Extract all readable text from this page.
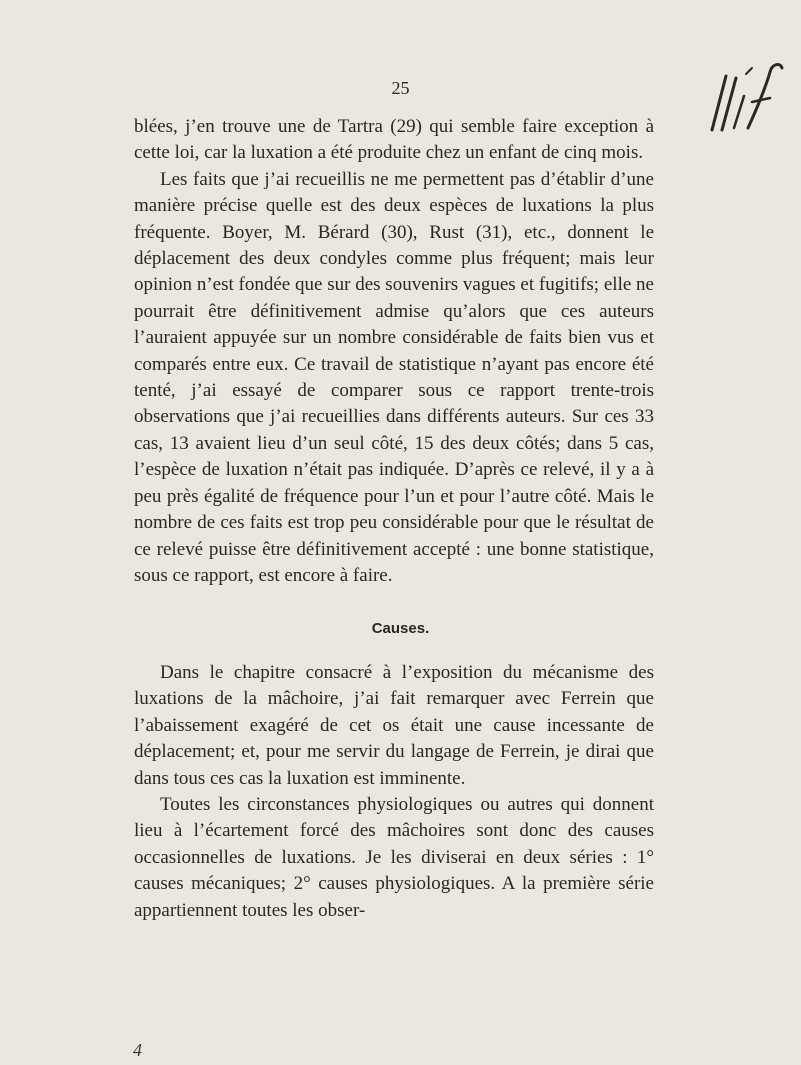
25

blées, j’en trouve une de Tartra (29) qui semble faire exception à cette loi, car la luxation a été produite chez un enfant de cinq mois.

Les faits que j’ai recueillis ne me permettent pas d’établir d’une manière précise quelle est des deux espèces de luxations la plus fréquente. Boyer, M. Bérard (30), Rust (31), etc., donnent le déplacement des deux condyles comme plus fréquent; mais leur opinion n’est fondée que sur des souvenirs vagues et fugitifs; elle ne pourrait être définitivement admise qu’alors que ces auteurs l’auraient appuyée sur un nombre considérable de faits bien vus et comparés entre eux. Ce travail de statistique n’ayant pas encore été tenté, j’ai essayé de comparer sous ce rapport trente-trois observations que j’ai recueillies dans différents auteurs. Sur ces 33 cas, 13 avaient lieu d’un seul côté, 15 des deux côtés; dans 5 cas, l’espèce de luxation n’était pas indiquée. D’après ce relevé, il y a à peu près égalité de fréquence pour l’un et pour l’autre côté. Mais le nombre de ces faits est trop peu considérable pour que le résultat de ce relevé puisse être définitivement accepté : une bonne statistique, sous ce rapport, est encore à faire.

Causes.

Dans le chapitre consacré à l’exposition du mécanisme des luxations de la mâchoire, j’ai fait remarquer avec Ferrein que l’abaissement exagéré de cet os était une cause incessante de déplacement; et, pour me servir du langage de Ferrein, je dirai que dans tous ces cas la luxation est imminente.

Toutes les circonstances physiologiques ou autres qui donnent lieu à l’écartement forcé des mâchoires sont donc des causes occasionnelles de luxations. Je les diviserai en deux séries : 1° causes mécaniques; 2° causes physiologiques. A la première série appartiennent toutes les obser-

4
